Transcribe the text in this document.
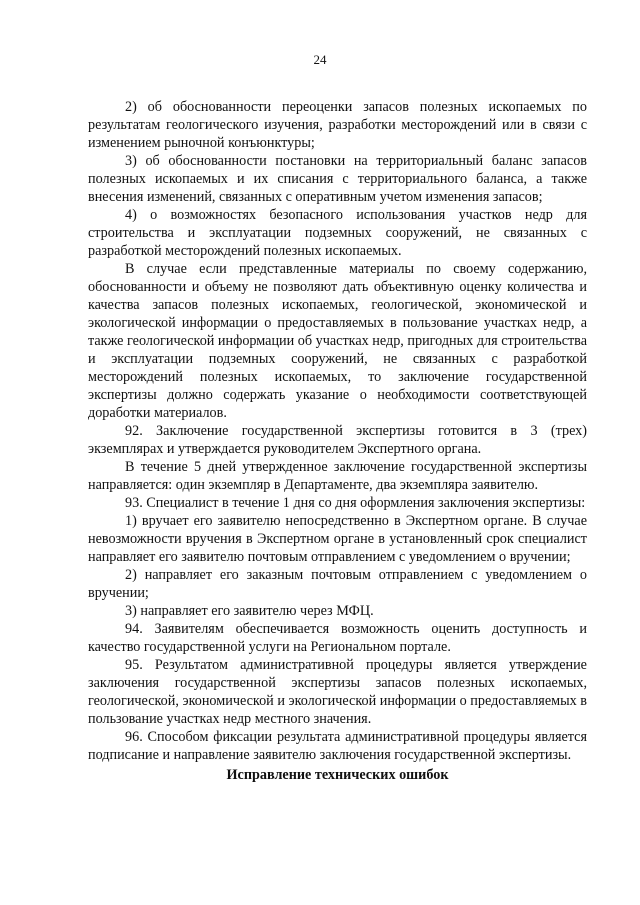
24

2) об обоснованности переоценки запасов полезных ископаемых по результатам геологического изучения, разработки месторождений или в связи с изменением рыночной конъюнктуры;

3) об обоснованности постановки на территориальный баланс запасов полезных ископаемых и их списания с территориального баланса, а также внесения изменений, связанных с оперативным учетом изменения запасов;

4) о возможностях безопасного использования участков недр для строительства и эксплуатации подземных сооружений, не связанных с разработкой месторождений полезных ископаемых.

В случае если представленные материалы по своему содержанию, обоснованности и объему не позволяют дать объективную оценку количества и качества запасов полезных ископаемых, геологической, экономической и экологической информации о предоставляемых в пользование участках недр, а также геологической информации об участках недр, пригодных для строительства и эксплуатации подземных сооружений, не связанных с разработкой месторождений полезных ископаемых, то заключение государственной экспертизы должно содержать указание о необходимости соответствующей доработки материалов.

92. Заключение государственной экспертизы готовится в 3 (трех) экземплярах и утверждается руководителем Экспертного органа.

В течение 5 дней утвержденное заключение государственной экспертизы направляется: один экземпляр в Департаменте, два экземпляра заявителю.

93. Специалист в течение 1 дня со дня оформления заключения экспертизы:

1) вручает его заявителю непосредственно в Экспертном органе. В случае невозможности вручения в Экспертном органе в установленный срок специалист направляет его заявителю почтовым отправлением с уведомлением о вручении;

2) направляет его заказным почтовым отправлением с уведомлением о вручении;

3) направляет его заявителю через МФЦ.

94. Заявителям обеспечивается возможность оценить доступность и качество государственной услуги на Региональном портале.

95. Результатом административной процедуры является утверждение заключения государственной экспертизы запасов полезных ископаемых, геологической, экономической и экологической информации о предоставляемых в пользование участках недр местного значения.

96. Способом фиксации результата административной процедуры является подписание и направление заявителю заключения государственной экспертизы.

Исправление технических ошибок
